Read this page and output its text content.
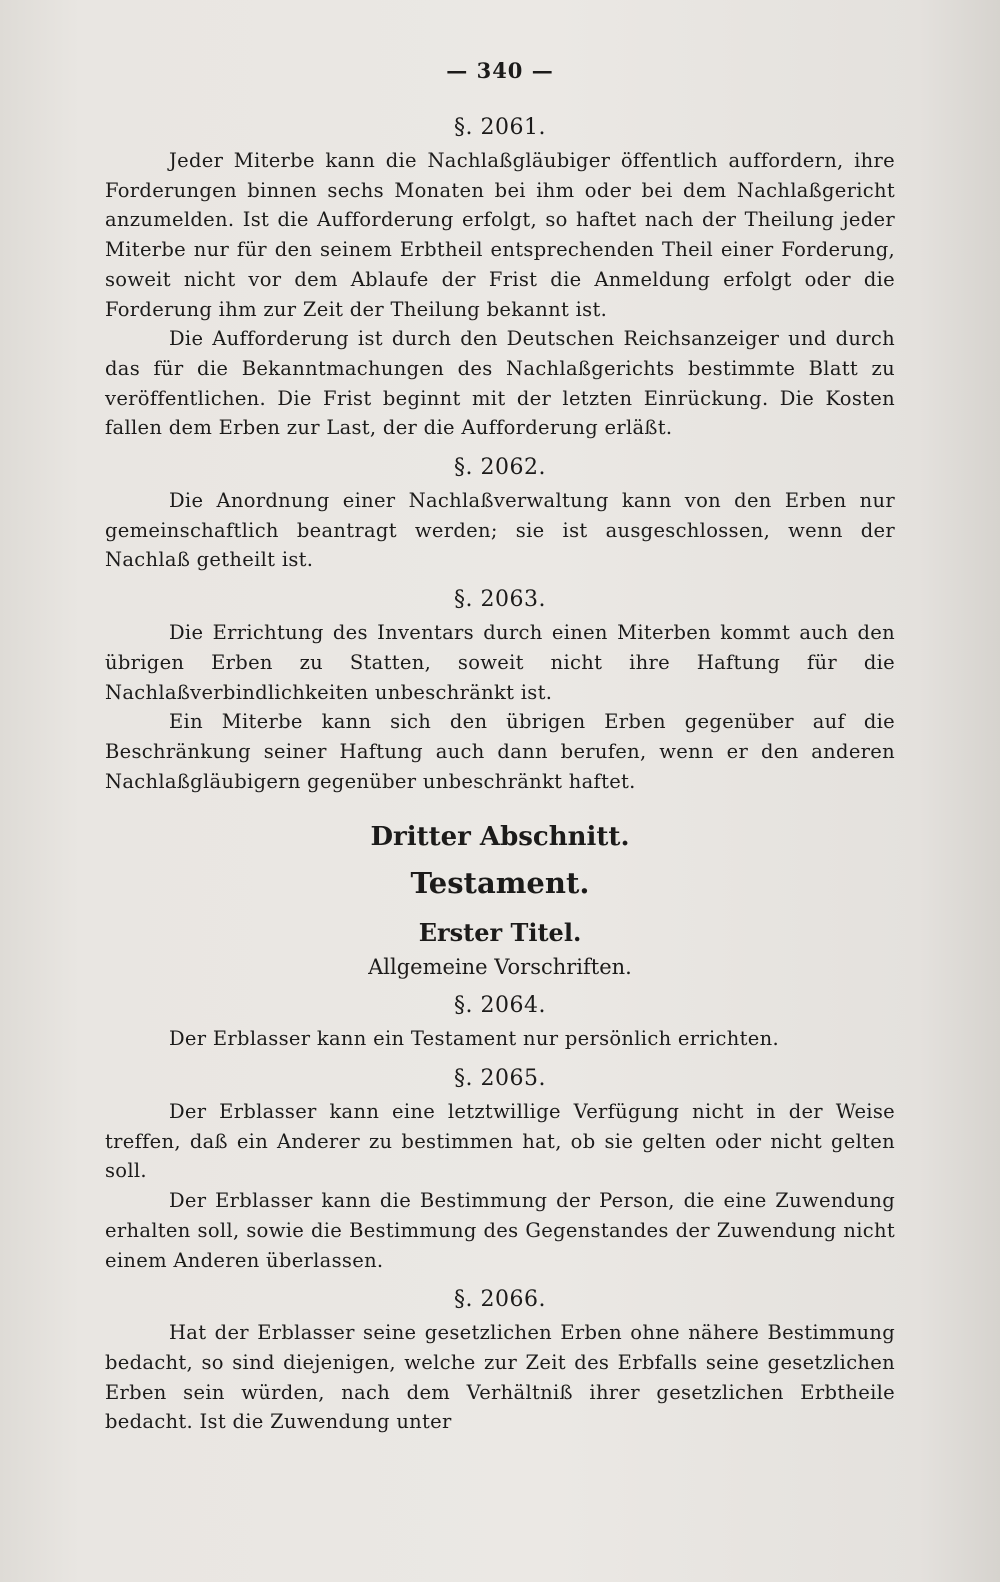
— 340 —
§. 2061.

Jeder Miterbe kann die Nachlaßgläubiger öffentlich auffordern, ihre Forderungen binnen sechs Monaten bei ihm oder bei dem Nachlaßgericht anzumelden. Ist die Aufforderung erfolgt, so haftet nach der Theilung jeder Miterbe nur für den seinem Erbtheil entsprechenden Theil einer Forderung, soweit nicht vor dem Ablaufe der Frist die Anmeldung erfolgt oder die Forderung ihm zur Zeit der Theilung bekannt ist.

Die Aufforderung ist durch den Deutschen Reichsanzeiger und durch das für die Bekanntmachungen des Nachlaßgerichts bestimmte Blatt zu veröffentlichen. Die Frist beginnt mit der letzten Einrückung. Die Kosten fallen dem Erben zur Last, der die Aufforderung erläßt.

§. 2062.

Die Anordnung einer Nachlaßverwaltung kann von den Erben nur gemeinschaftlich beantragt werden; sie ist ausgeschlossen, wenn der Nachlaß getheilt ist.

§. 2063.

Die Errichtung des Inventars durch einen Miterben kommt auch den übrigen Erben zu Statten, soweit nicht ihre Haftung für die Nachlaßverbindlichkeiten unbeschränkt ist.

Ein Miterbe kann sich den übrigen Erben gegenüber auf die Beschränkung seiner Haftung auch dann berufen, wenn er den anderen Nachlaßgläubigern gegenüber unbeschränkt haftet.

Dritter Abschnitt.
Testament.
Erster Titel.
Allgemeine Vorschriften.
§. 2064.

Der Erblasser kann ein Testament nur persönlich errichten.

§. 2065.

Der Erblasser kann eine letztwillige Verfügung nicht in der Weise treffen, daß ein Anderer zu bestimmen hat, ob sie gelten oder nicht gelten soll.

Der Erblasser kann die Bestimmung der Person, die eine Zuwendung erhalten soll, sowie die Bestimmung des Gegenstandes der Zuwendung nicht einem Anderen überlassen.

§. 2066.

Hat der Erblasser seine gesetzlichen Erben ohne nähere Bestimmung bedacht, so sind diejenigen, welche zur Zeit des Erbfalls seine gesetzlichen Erben sein würden, nach dem Verhältniß ihrer gesetzlichen Erbtheile bedacht. Ist die Zuwendung unter
